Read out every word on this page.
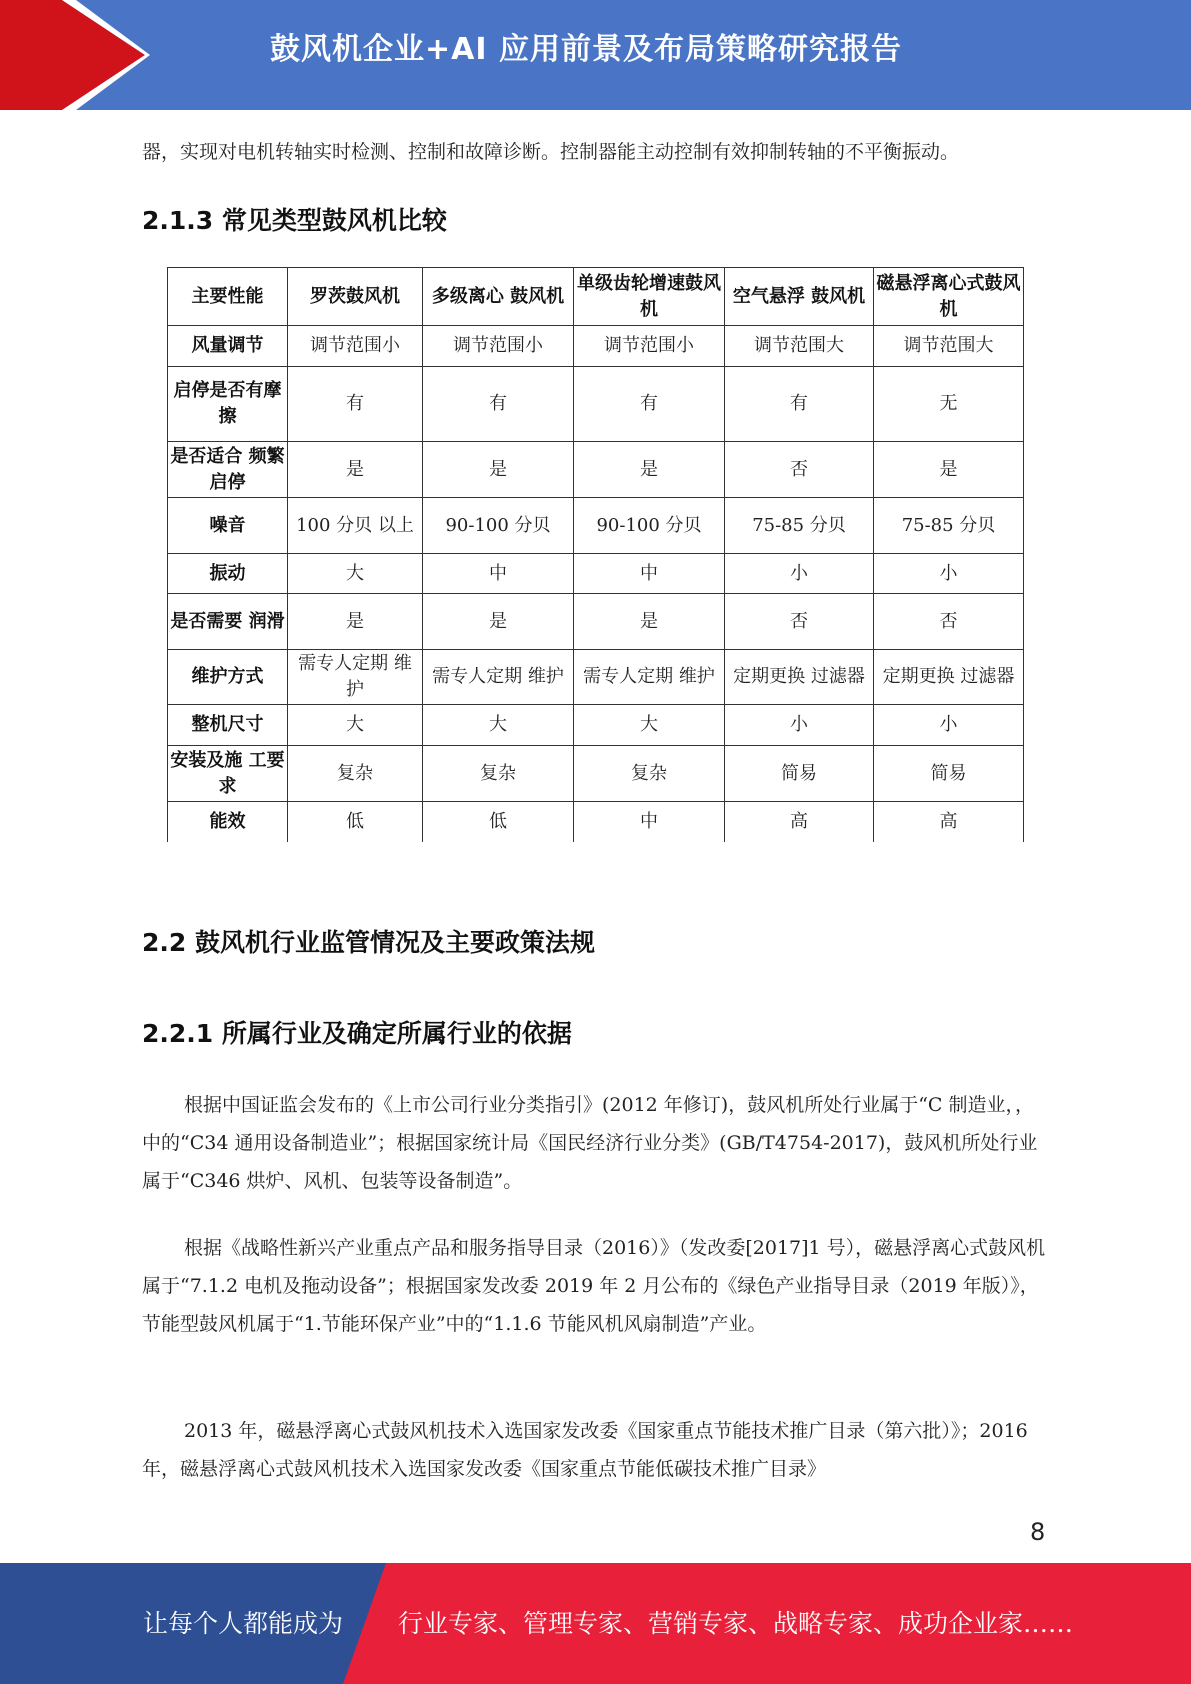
鼓风机企业+AI 应用前景及布局策略研究报告
器，实现对电机转轴实时检测、控制和故障诊断。控制器能主动控制有效抑制转轴的不平衡振动。
2.1.3 常见类型鼓风机比较
主要性能	罗茨鼓风机	多级离心 鼓风机	单级齿轮增速鼓风机	空气悬浮 鼓风机	磁悬浮离心式鼓风机
风量调节	调节范围小	调节范围小	调节范围小	调节范围大	调节范围大
启停是否有摩擦	有	有	有	有	无
是否适合 频繁启停	是	是	是	否	是
噪音	100 分贝 以上	90-100 分贝	90-100 分贝	75-85 分贝	75-85 分贝
振动	大	中	中	小	小
是否需要 润滑	是	是	是	否	否
维护方式	需专人定期 维护	需专人定期 维护	需专人定期 维护	定期更换 过滤器	定期更换 过滤器
整机尺寸	大	大	大	小	小
安装及施 工要求	复杂	复杂	复杂	简易	简易
能效	低	低	中	高	高
2.2 鼓风机行业监管情况及主要政策法规
2.2.1 所属行业及确定所属行业的依据
根据中国证监会发布的《上市公司行业分类指引》(2012 年修订)，鼓风机所处行业属于“C 制造业，，中的“C34 通用设备制造业”；根据国家统计局《国民经济行业分类》(GB/T4754-2017)，鼓风机所处行业属于“C346 烘炉、风机、包装等设备制造”。
根据《战略性新兴产业重点产品和服务指导目录（2016）》（发改委[2017]1 号），磁悬浮离心式鼓风机属于“7.1.2 电机及拖动设备”；根据国家发改委 2019 年 2 月公布的《绿色产业指导目录（2019 年版）》，节能型鼓风机属于“1.节能环保产业”中的“1.1.6 节能风机风扇制造”产业。
2013 年，磁悬浮离心式鼓风机技术入选国家发改委《国家重点节能技术推广目录（第六批）》；2016 年，磁悬浮离心式鼓风机技术入选国家发改委《国家重点节能低碳技术推广目录》
8
让每个人都能成为 行业专家、管理专家、营销专家、战略专家、成功企业家……
